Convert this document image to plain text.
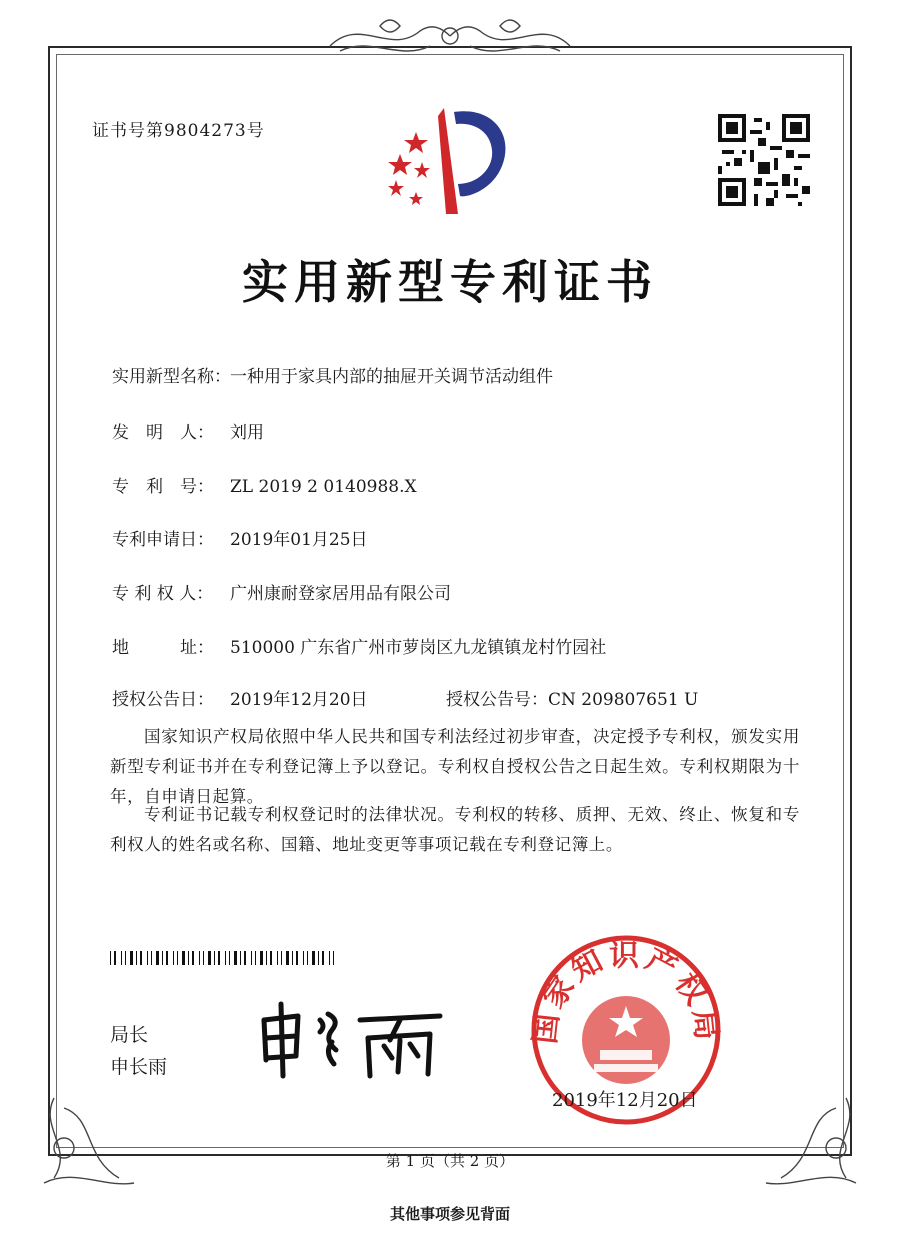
证书号第9804273号
实用新型专利证书
实用新型名称：一种用于家具内部的抽屉开关调节活动组件
发　明　人： 刘用
专　利　号： ZL 2019 2 0140988.X
专利申请日： 2019年01月25日
专 利 权 人： 广州康耐登家居用品有限公司
地　　　址： 510000 广东省广州市萝岗区九龙镇镇龙村竹园社
授权公告日： 2019年12月20日	授权公告号：CN 209807651 U
国家知识产权局依照中华人民共和国专利法经过初步审查，决定授予专利权，颁发实用新型专利证书并在专利登记簿上予以登记。专利权自授权公告之日起生效。专利权期限为十年，自申请日起算。
专利证书记载专利权登记时的法律状况。专利权的转移、质押、无效、终止、恢复和专利权人的姓名或名称、国籍、地址变更等事项记载在专利登记簿上。
局长
申长雨
国家知识产权局
2019年12月20日
第 1 页（共 2 页）
其他事项参见背面
